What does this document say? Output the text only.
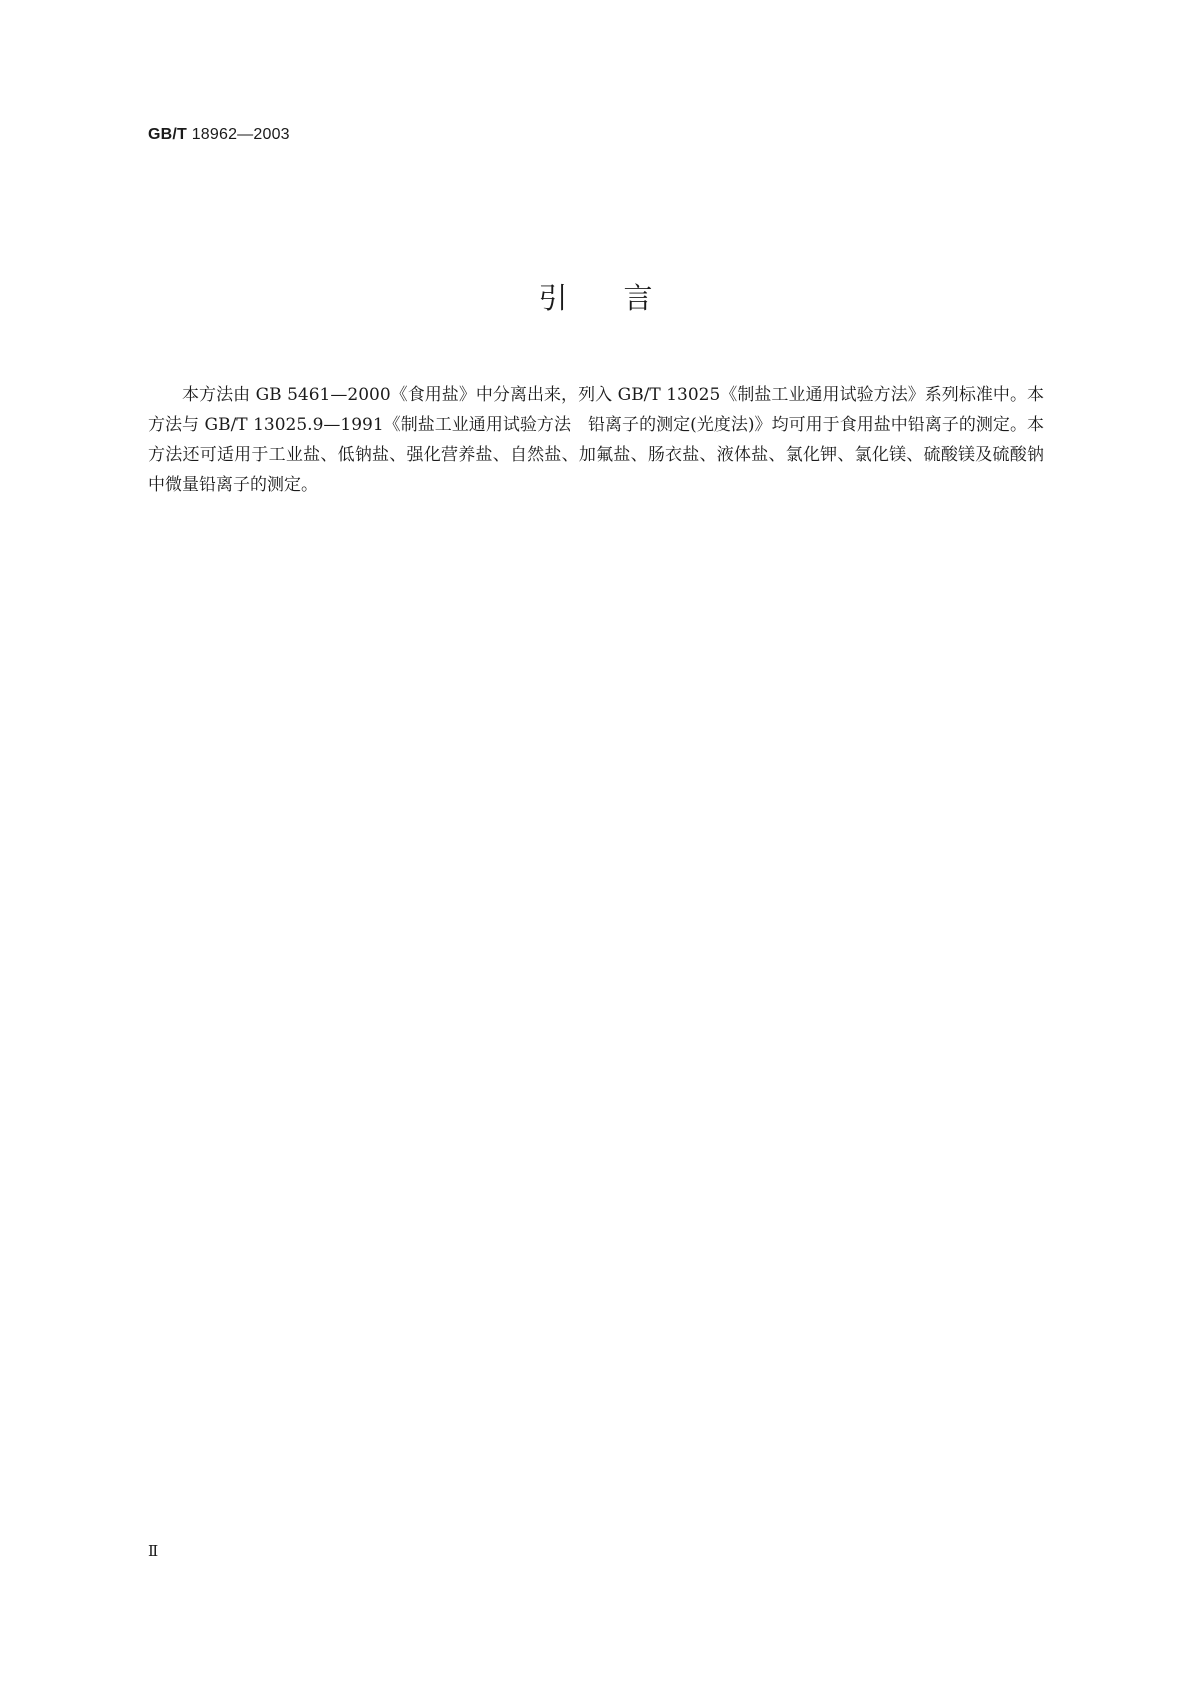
GB/T 18962—2003
引言

本方法由 GB 5461—2000《食用盐》中分离出来，列入 GB/T 13025《制盐工业通用试验方法》系列标准中。本方法与 GB/T 13025.9—1991《制盐工业通用试验方法　铅离子的测定(光度法)》均可用于食用盐中铅离子的测定。本方法还可适用于工业盐、低钠盐、强化营养盐、自然盐、加氟盐、肠衣盐、液体盐、氯化钾、氯化镁、硫酸镁及硫酸钠中微量铅离子的测定。

Ⅱ
